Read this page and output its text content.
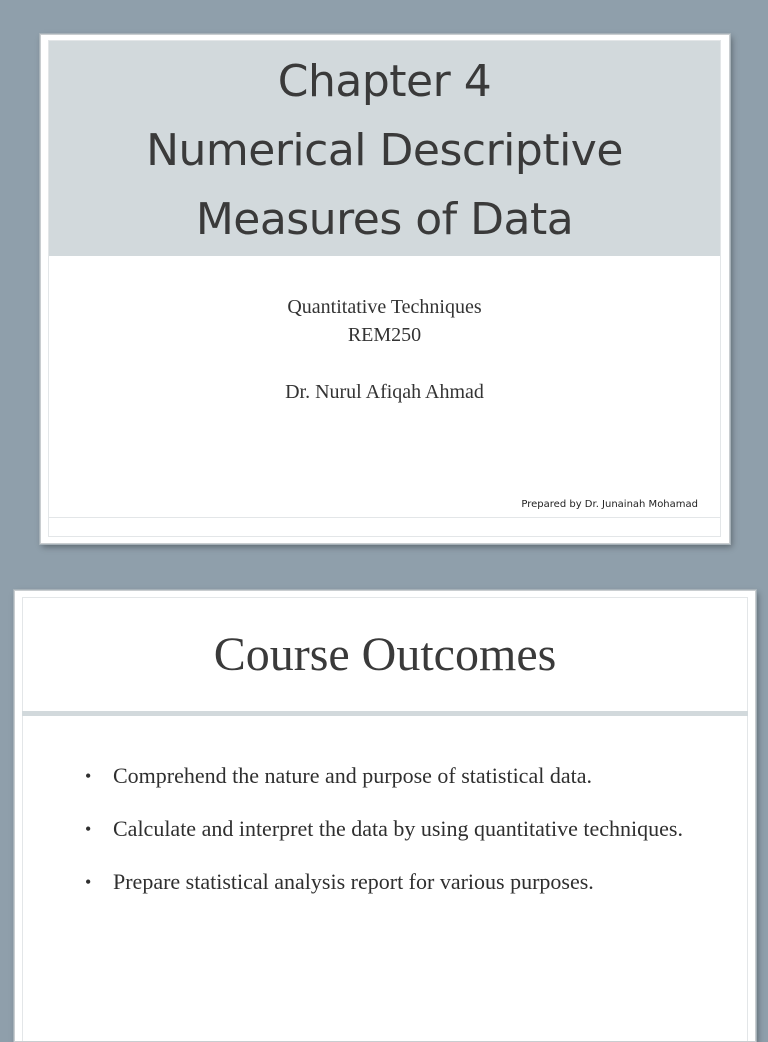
Chapter 4
Numerical Descriptive
Measures of Data
Quantitative Techniques
REM250
Dr. Nurul Afiqah Ahmad
Prepared by Dr. Junainah Mohamad
Course Outcomes
• Comprehend the nature and purpose of statistical data.
• Calculate and interpret the data by using quantitative techniques.
• Prepare statistical analysis report for various purposes.
